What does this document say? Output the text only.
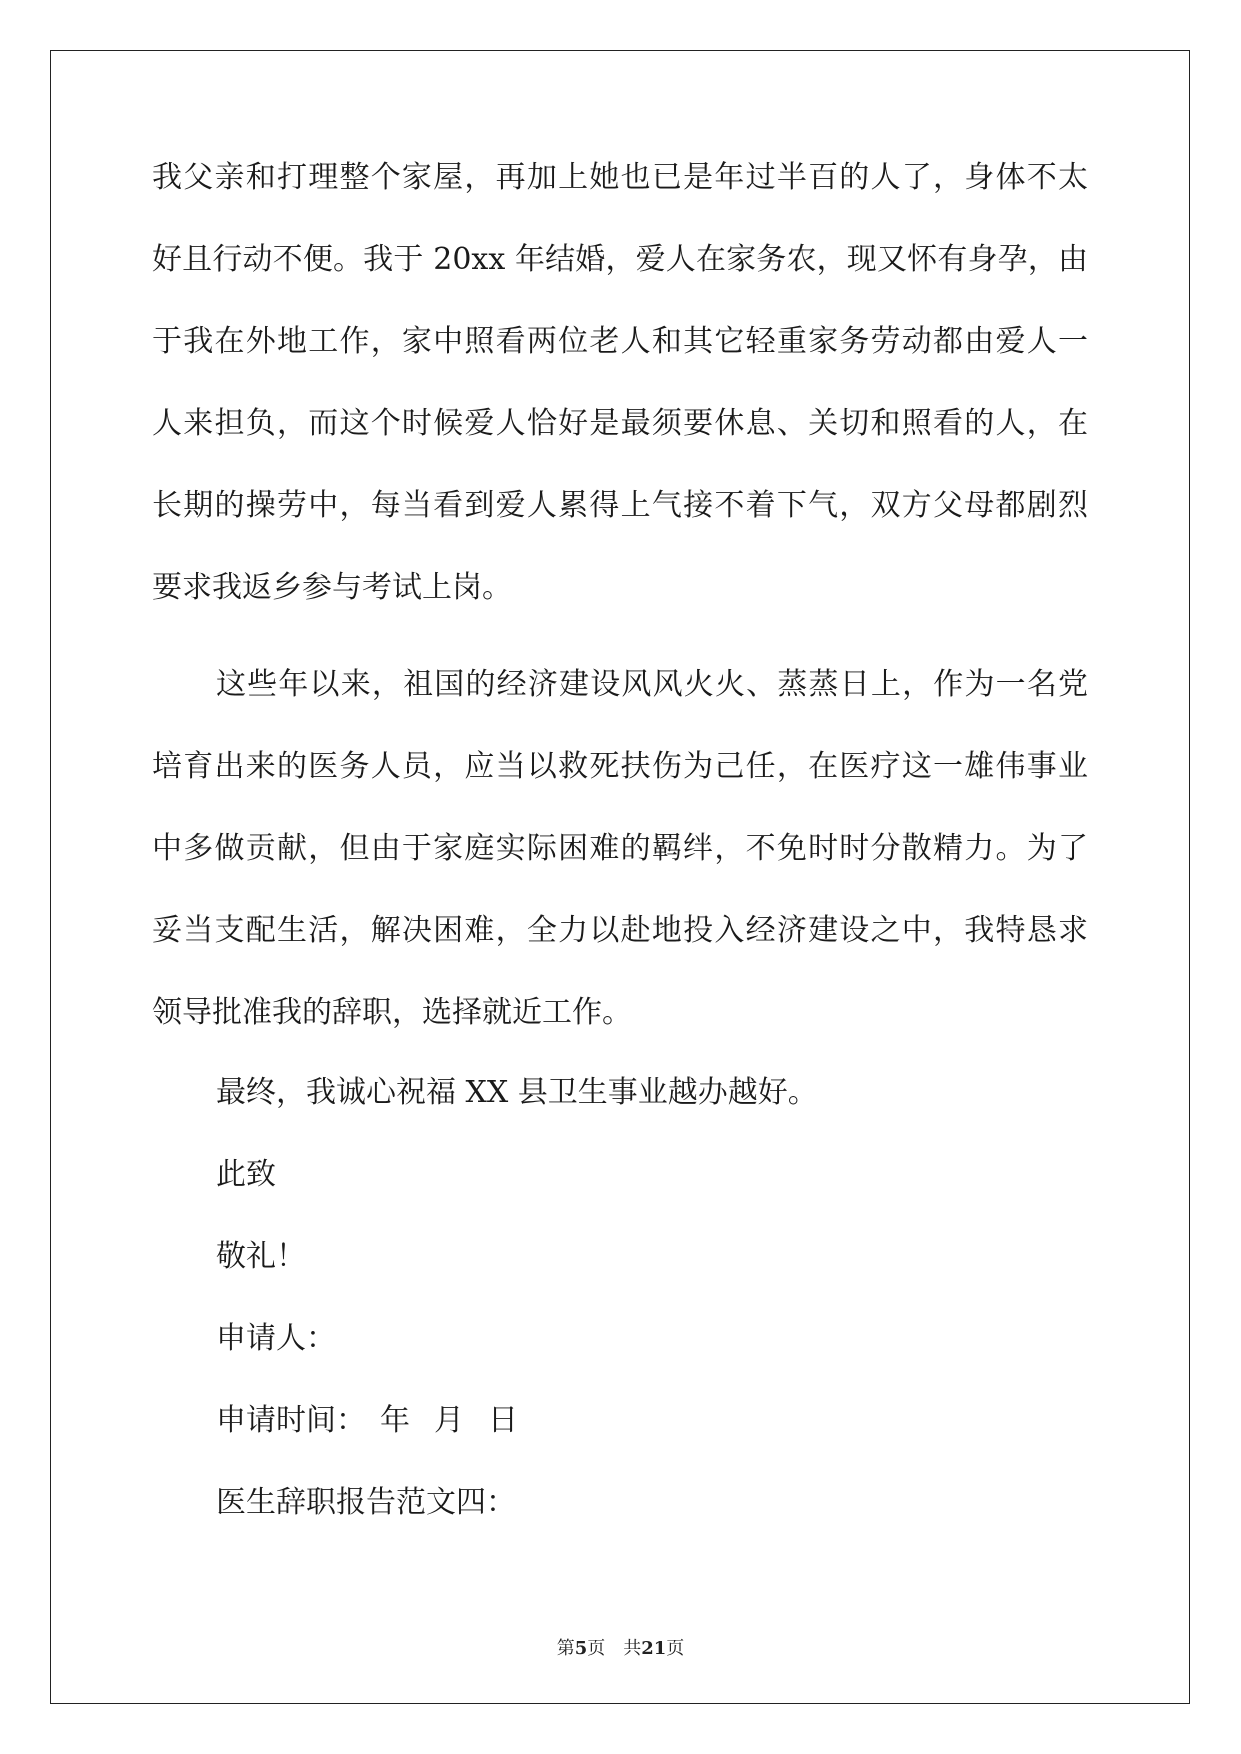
我父亲和打理整个家屋，再加上她也已是年过半百的人了，身体不太
好且行动不便。我于 20xx 年结婚，爱人在家务农，现又怀有身孕，由
于我在外地工作，家中照看两位老人和其它轻重家务劳动都由爱人一
人来担负，而这个时候爱人恰好是最须要休息、关切和照看的人，在
长期的操劳中，每当看到爱人累得上气接不着下气，双方父母都剧烈
要求我返乡参与考试上岗。
这些年以来，祖国的经济建设风风火火、蒸蒸日上，作为一名党
培育出来的医务人员，应当以救死扶伤为己任，在医疗这一雄伟事业
中多做贡献，但由于家庭实际困难的羁绊，不免时时分散精力。为了
妥当支配生活，解决困难，全力以赴地投入经济建设之中，我特恳求
领导批准我的辞职，选择就近工作。
最终，我诚心祝福 XX 县卫生事业越办越好。
此致
敬礼！
申请人：
申请时间： 年 月 日
医生辞职报告范文四：
第5页 共21页
